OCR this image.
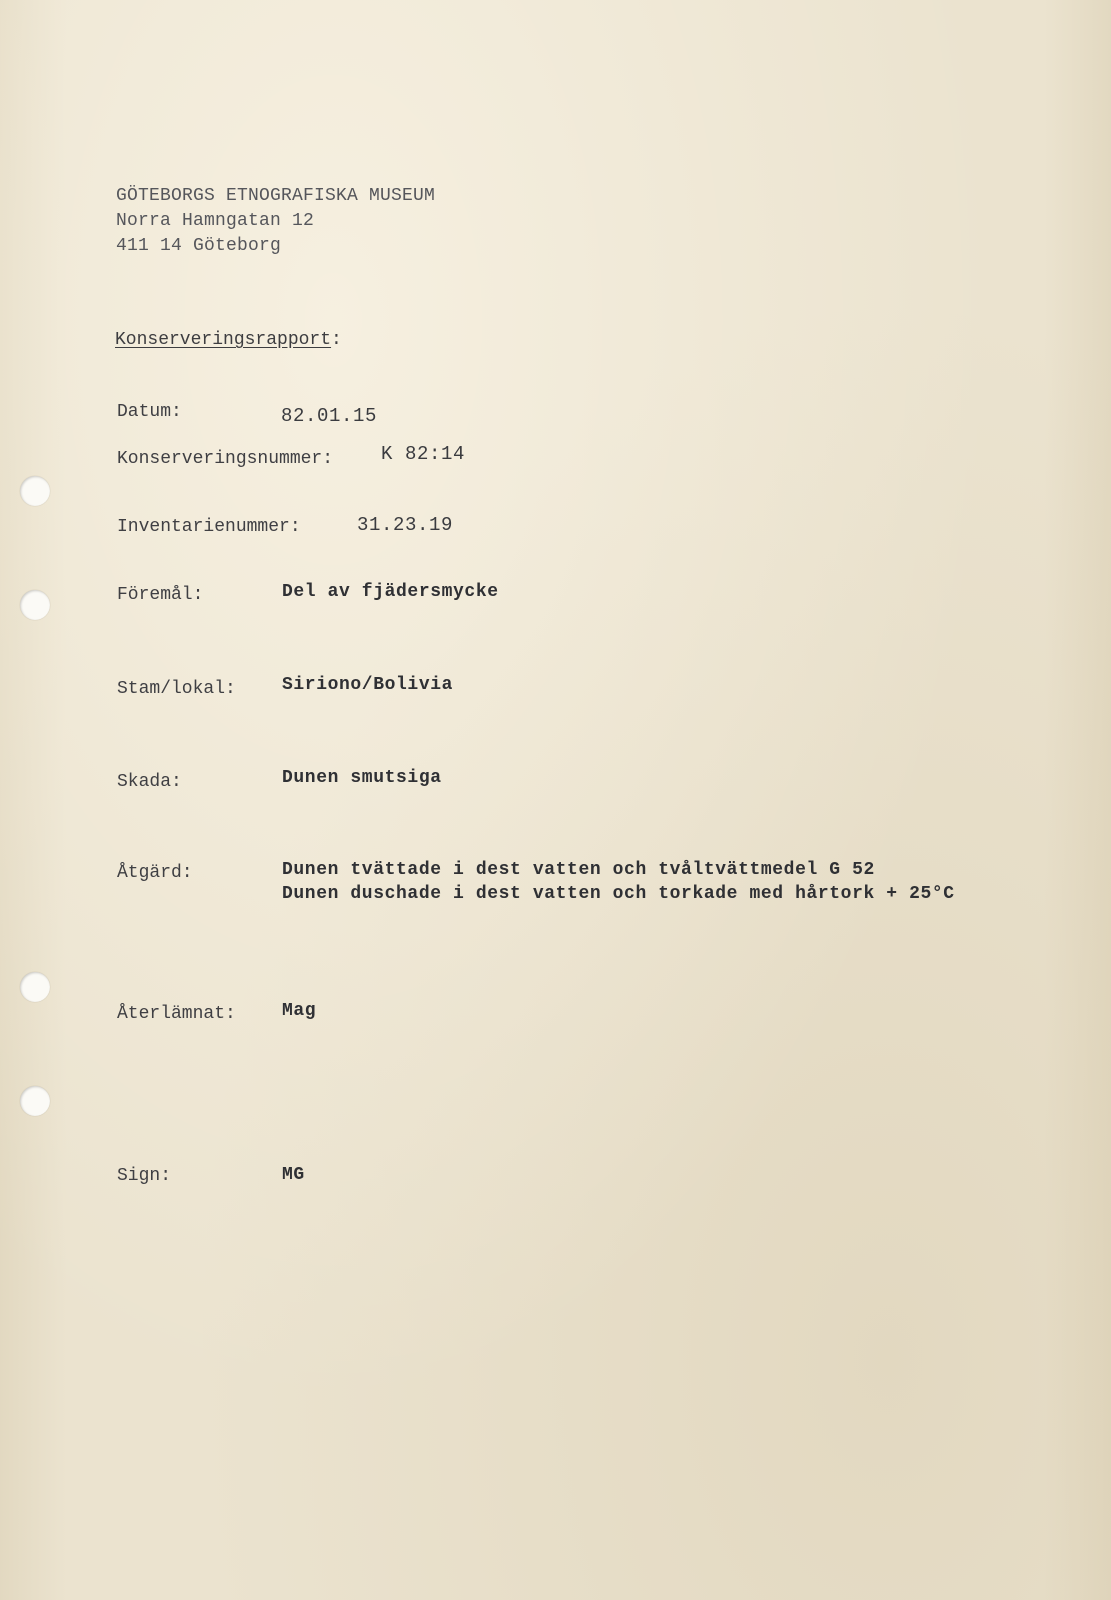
GÖTEBORGS ETNOGRAFISKA MUSEUM
Norra Hamngatan 12
411 14 Göteborg
Konserveringsrapport:
Datum:	82.01.15
Konserveringsnummer:	K 82:14
Inventarienummer:	31.23.19
Föremål:	Del av fjädersmycke
Stam/lokal:	Siriono/Bolivia
Skada:	Dunen smutsiga
Åtgärd:	Dunen tvättade i dest vatten och tvåltvättmedel G 52
Dunen duschade i dest vatten och torkade med hårtork + 25°C
Återlämnat:	Mag
Sign:	MG
